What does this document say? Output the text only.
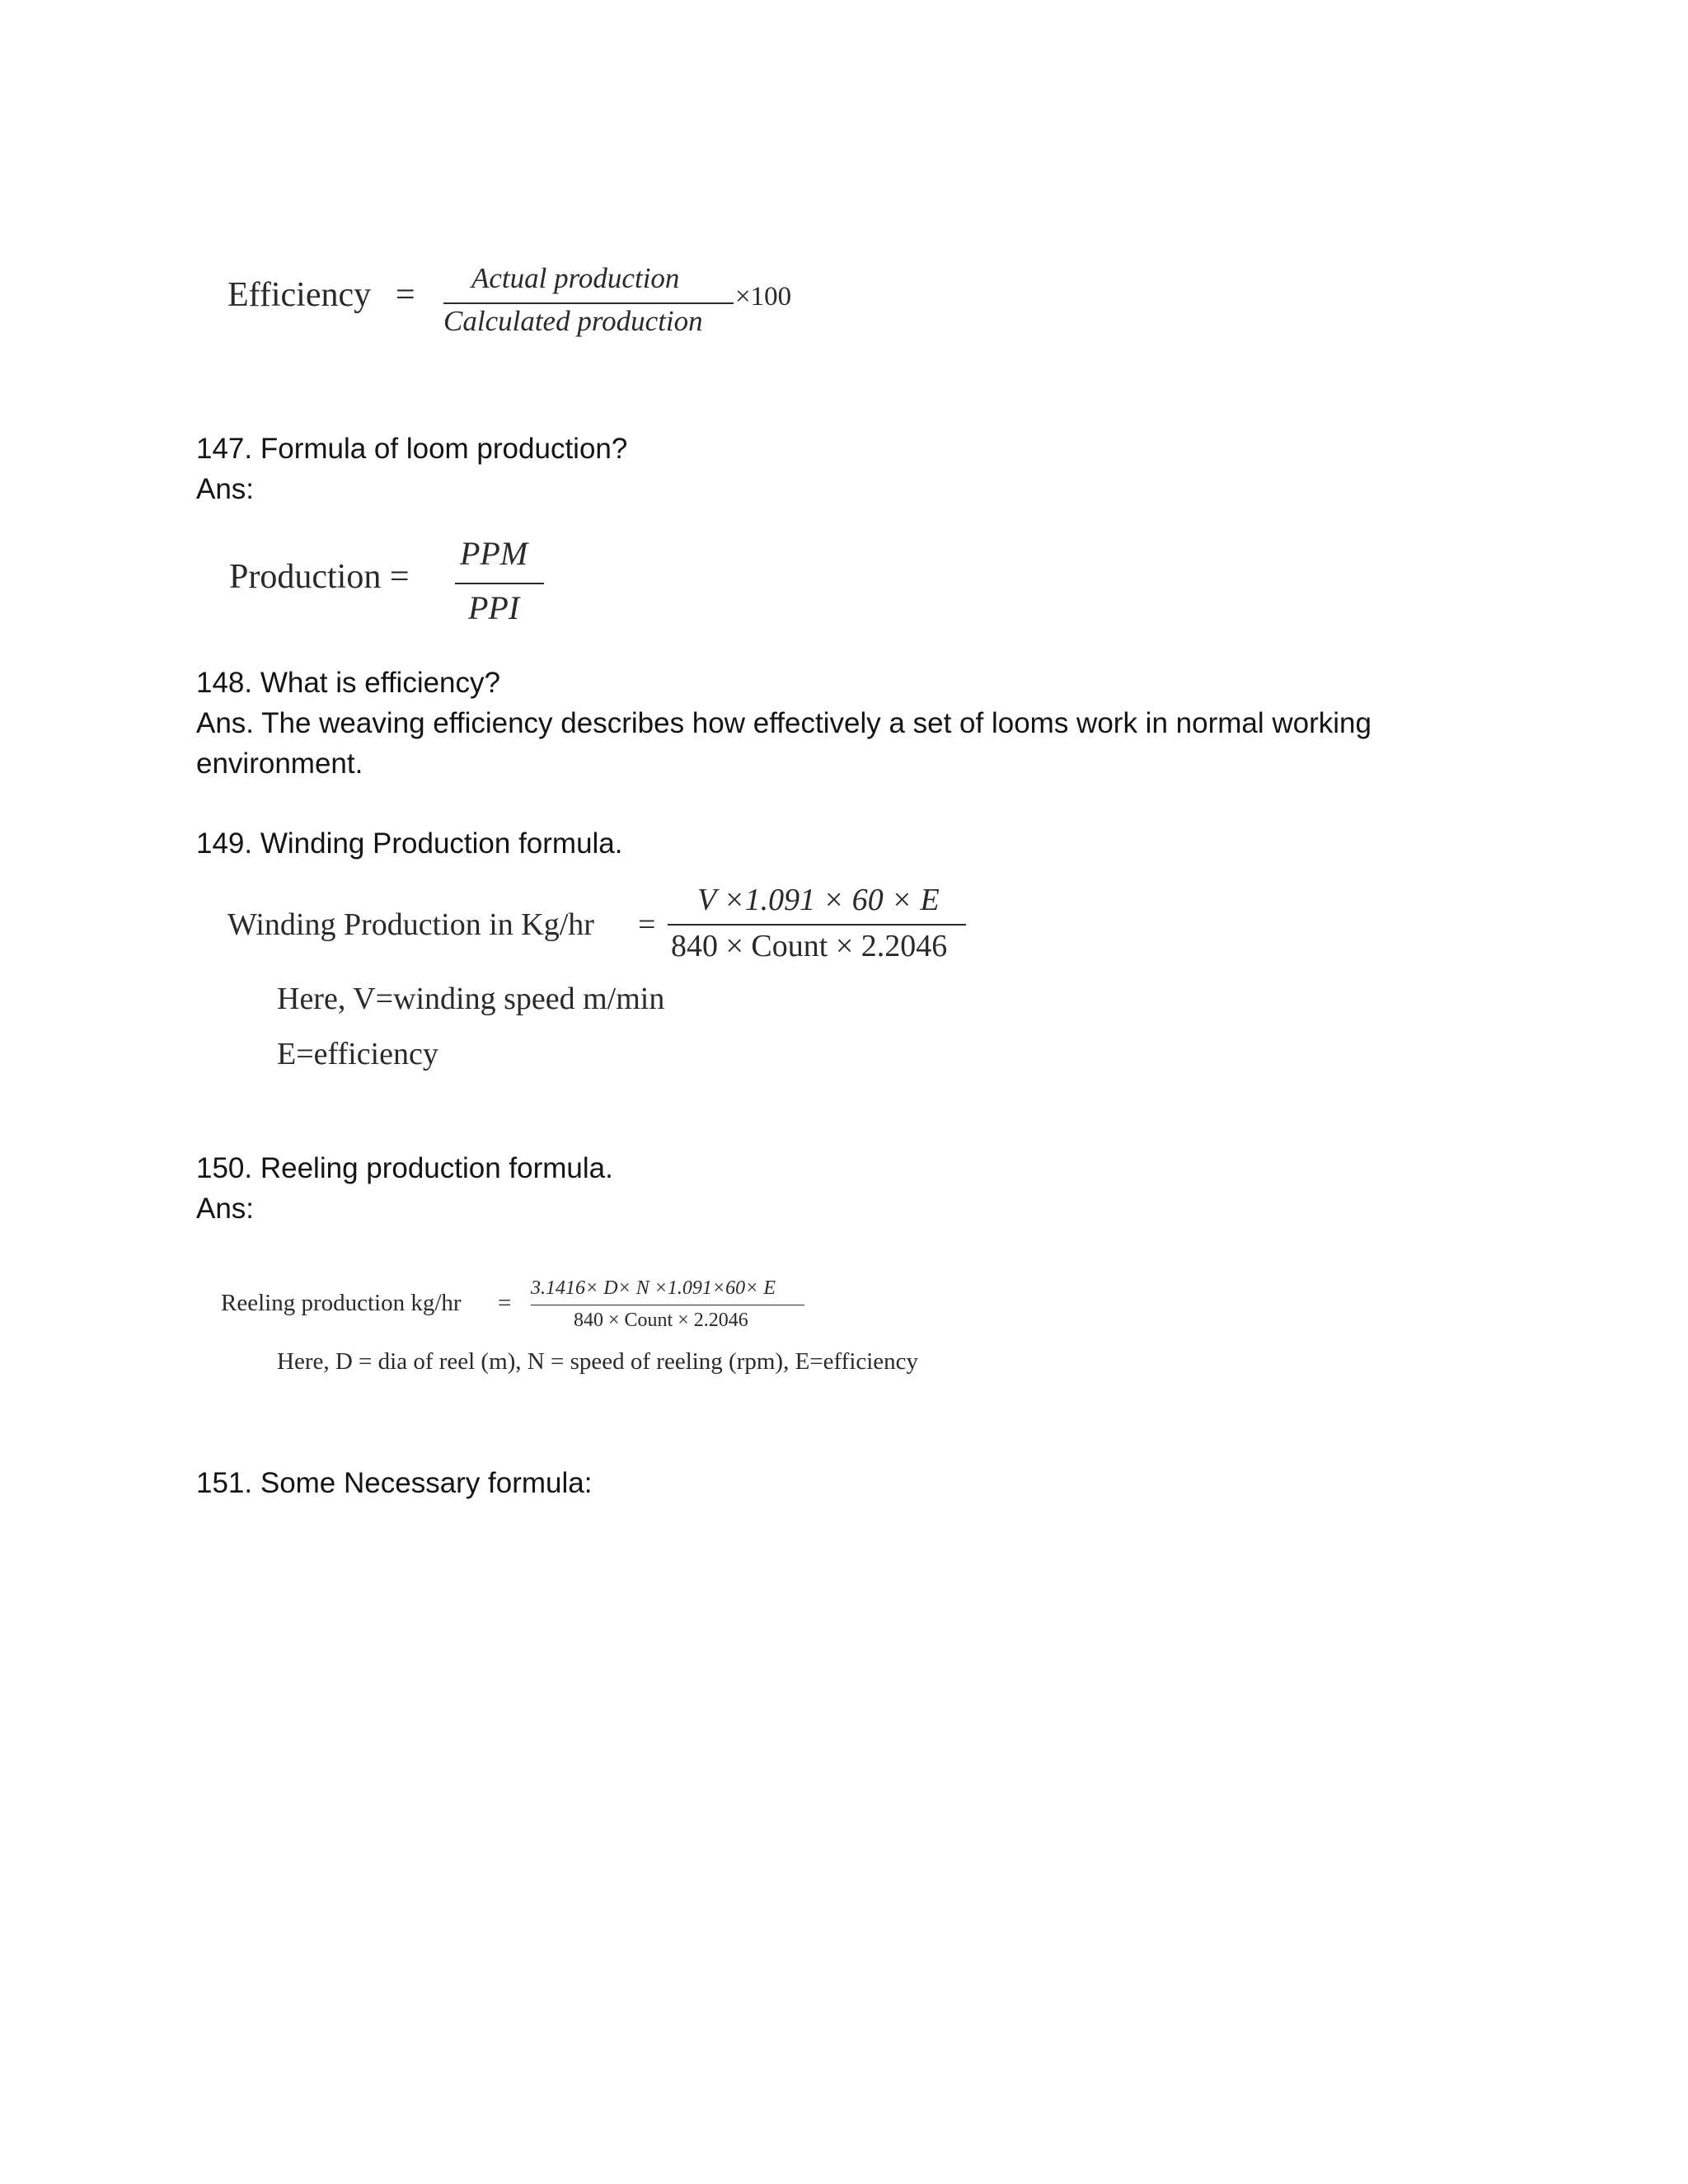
Efficiency = Actual production
Calculated production
×100
147. Formula of loom production?
Ans:
Production =
PPM
PPI
148. What is efficiency?
Ans. The weaving efficiency describes how effectively a set of looms work in normal working environment.
149. Winding Production formula.
Winding Production in Kg/hr =
V ×1.091 × 60 × E
840 × Count × 2.2046
Here, V=winding speed m/min
E=efficiency
150. Reeling production formula.
Ans:
Reeling production kg/hr =
3.1416× D× N ×1.091×60× E
840 × Count × 2.2046
Here, D = dia of reel (m), N = speed of reeling (rpm), E=efficiency
151. Some Necessary formula:
